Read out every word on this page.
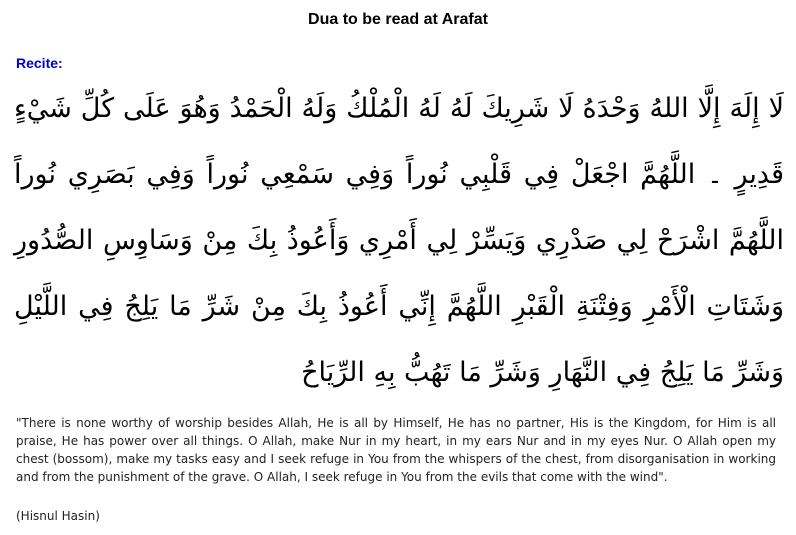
Dua to be read at Arafat
Recite:
لَا إِلَهَ إِلَّا اللهُ وَحْدَهُ لَا شَرِيكَ لَهُ لَهُ الْمُلْكُ وَلَهُ الْحَمْدُ وَهُوَ عَلَى كُلِّ شَيْءٍ قَدِيرٍ ۔ اللَّهُمَّ اجْعَلْ فِي قَلْبِي نُوراً وَفِي سَمْعِي نُوراً وَفِي بَصَرِي نُوراً اللَّهُمَّ اشْرَحْ لِي صَدْرِي وَيَسِّرْ لِي أَمْرِي وَأَعُوذُ بِكَ مِنْ وَسَاوِسِ الصُّدُورِ وَشَتَاتِ الْأَمْرِ وَفِتْنَةِ الْقَبْرِ اللَّهُمَّ إِنِّي أَعُوذُ بِكَ مِنْ شَرِّ مَا يَلِجُ فِي اللَّيْلِ وَشَرِّ مَا يَلِجُ فِي النَّهَارِ وَشَرِّ مَا تَهُبُّ بِهِ الرِّيَاحُ
"There is none worthy of worship besides Allah, He is all by Himself, He has no partner, His is the Kingdom, for Him is all praise, He has power over all things. O Allah, make Nur in my heart, in my ears Nur and in my eyes Nur. O Allah open my chest (bossom), make my tasks easy and I seek refuge in You from the whispers of the chest, from disorganisation in working and from the punishment of the grave. O Allah, I seek refuge in You from the evils that come with the wind".
(Hisnul Hasin)
